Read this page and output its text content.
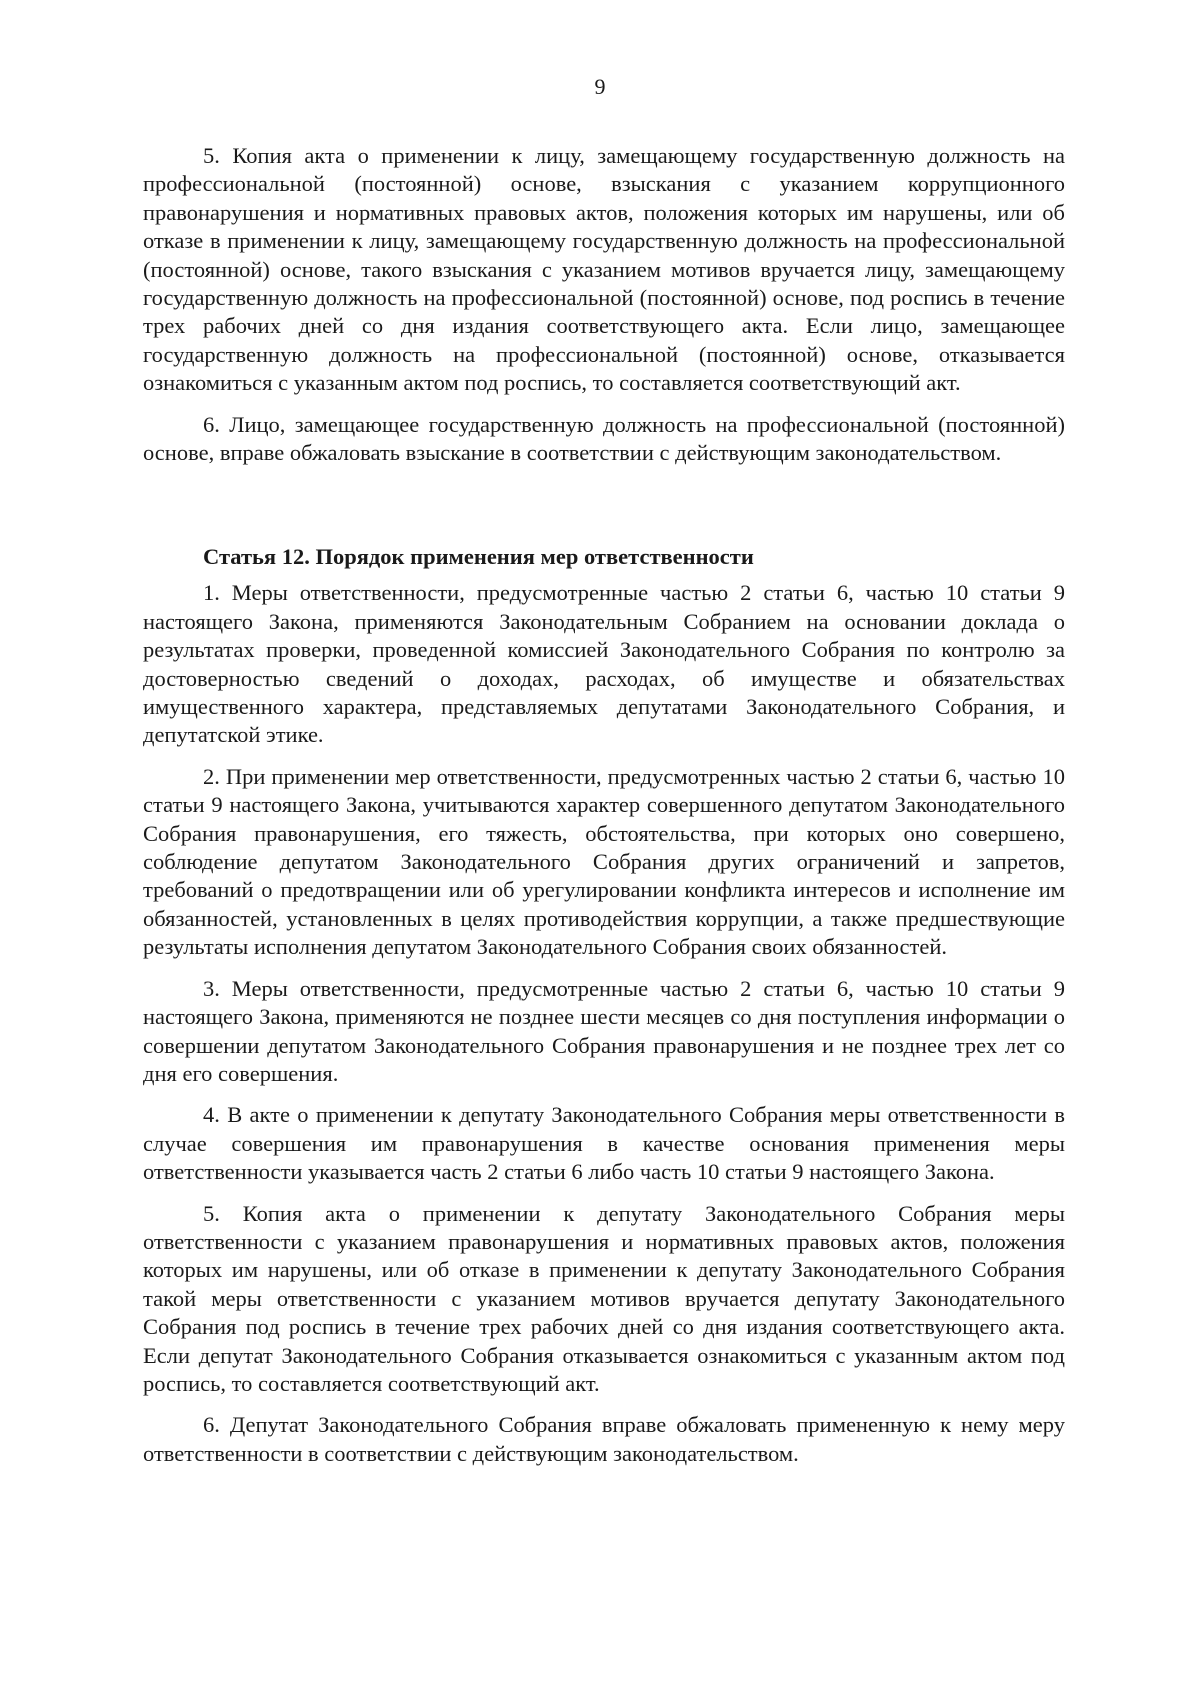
9

5. Копия акта о применении к лицу, замещающему государственную должность на профессиональной (постоянной) основе, взыскания с указанием коррупционного правонарушения и нормативных правовых актов, положения которых им нарушены, или об отказе в применении к лицу, замещающему государственную должность на профессиональной (постоянной) основе, такого взыскания с указанием мотивов вручается лицу, замещающему государственную должность на профессиональной (постоянной) основе, под роспись в течение трех рабочих дней со дня издания соответствующего акта. Если лицо, замещающее государственную должность на профессиональной (постоянной) основе, отказывается ознакомиться с указанным актом под роспись, то составляется соответствующий акт.

6. Лицо, замещающее государственную должность на профессиональной (постоянной) основе, вправе обжаловать взыскание в соответствии с действующим законодательством.

Статья 12. Порядок применения мер ответственности

1. Меры ответственности, предусмотренные частью 2 статьи 6, частью 10 статьи 9 настоящего Закона, применяются Законодательным Собранием на основании доклада о результатах проверки, проведенной комиссией Законодательного Собрания по контролю за достоверностью сведений о доходах, расходах, об имуществе и обязательствах имущественного характера, представляемых депутатами Законодательного Собрания, и депутатской этике.

2. При применении мер ответственности, предусмотренных частью 2 статьи 6, частью 10 статьи 9 настоящего Закона, учитываются характер совершенного депутатом Законодательного Собрания правонарушения, его тяжесть, обстоятельства, при которых оно совершено, соблюдение депутатом Законодательного Собрания других ограничений и запретов, требований о предотвращении или об урегулировании конфликта интересов и исполнение им обязанностей, установленных в целях противодействия коррупции, а также предшествующие результаты исполнения депутатом Законодательного Собрания своих обязанностей.

3. Меры ответственности, предусмотренные частью 2 статьи 6, частью 10 статьи 9 настоящего Закона, применяются не позднее шести месяцев со дня поступления информации о совершении депутатом Законодательного Собрания правонарушения и не позднее трех лет со дня его совершения.

4. В акте о применении к депутату Законодательного Собрания меры ответственности в случае совершения им правонарушения в качестве основания применения меры ответственности указывается часть 2 статьи 6 либо часть 10 статьи 9 настоящего Закона.

5. Копия акта о применении к депутату Законодательного Собрания меры ответственности с указанием правонарушения и нормативных правовых актов, положения которых им нарушены, или об отказе в применении к депутату Законодательного Собрания такой меры ответственности с указанием мотивов вручается депутату Законодательного Собрания под роспись в течение трех рабочих дней со дня издания соответствующего акта. Если депутат Законодательного Собрания отказывается ознакомиться с указанным актом под роспись, то составляется соответствующий акт.

6. Депутат Законодательного Собрания вправе обжаловать примененную к нему меру ответственности в соответствии с действующим законодательством.
